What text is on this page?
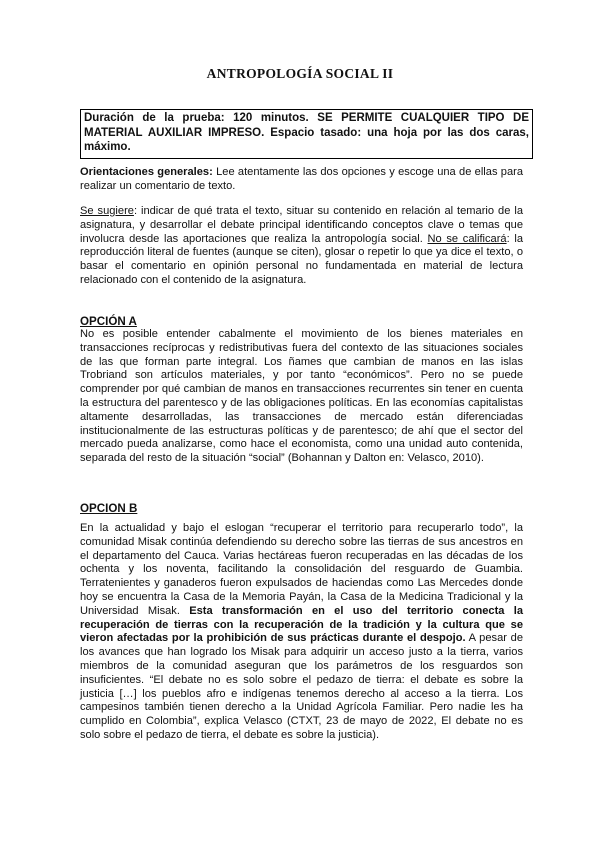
ANTROPOLOGÍA SOCIAL II
Duración de la prueba: 120 minutos. SE PERMITE CUALQUIER TIPO DE MATERIAL AUXILIAR IMPRESO. Espacio tasado: una hoja por las dos caras, máximo.

Orientaciones generales: Lee atentamente las dos opciones y escoge una de ellas para realizar un comentario de texto.

Se sugiere: indicar de qué trata el texto, situar su contenido en relación al temario de la asignatura, y desarrollar el debate principal identificando conceptos clave o temas que involucra desde las aportaciones que realiza la antropología social. No se calificará: la reproducción literal de fuentes (aunque se citen), glosar o repetir lo que ya dice el texto, o basar el comentario en opinión personal no fundamentada en material de lectura relacionado con el contenido de la asignatura.

OPCIÓN A

No es posible entender cabalmente el movimiento de los bienes materiales en transacciones recíprocas y redistributivas fuera del contexto de las situaciones sociales de las que forman parte integral. Los ñames que cambian de manos en las islas Trobriand son artículos materiales, y por tanto “económicos”. Pero no se puede comprender por qué cambian de manos en transacciones recurrentes sin tener en cuenta la estructura del parentesco y de las obligaciones políticas. En las economías capitalistas altamente desarrolladas, las transacciones de mercado están diferenciadas institucionalmente de las estructuras políticas y de parentesco; de ahí que el sector del mercado pueda analizarse, como hace el economista, como una unidad auto contenida, separada del resto de la situación “social” (Bohannan y Dalton en: Velasco, 2010).

OPCION B

En la actualidad y bajo el eslogan “recuperar el territorio para recuperarlo todo”, la comunidad Misak continúa defendiendo su derecho sobre las tierras de sus ancestros en el departamento del Cauca. Varias hectáreas fueron recuperadas en las décadas de los ochenta y los noventa, facilitando la consolidación del resguardo de Guambia. Terratenientes y ganaderos fueron expulsados de haciendas como Las Mercedes donde hoy se encuentra la Casa de la Memoria Payán, la Casa de la Medicina Tradicional y la Universidad Misak. Esta transformación en el uso del territorio conecta la recuperación de tierras con la recuperación de la tradición y la cultura que se vieron afectadas por la prohibición de sus prácticas durante el despojo. A pesar de los avances que han logrado los Misak para adquirir un acceso justo a la tierra, varios miembros de la comunidad aseguran que los parámetros de los resguardos son insuficientes. “El debate no es solo sobre el pedazo de tierra: el debate es sobre la justicia […] los pueblos afro e indígenas tenemos derecho al acceso a la tierra. Los campesinos también tienen derecho a la Unidad Agrícola Familiar. Pero nadie les ha cumplido en Colombia”, explica Velasco (CTXT, 23 de mayo de 2022, El debate no es solo sobre el pedazo de tierra, el debate es sobre la justicia).
